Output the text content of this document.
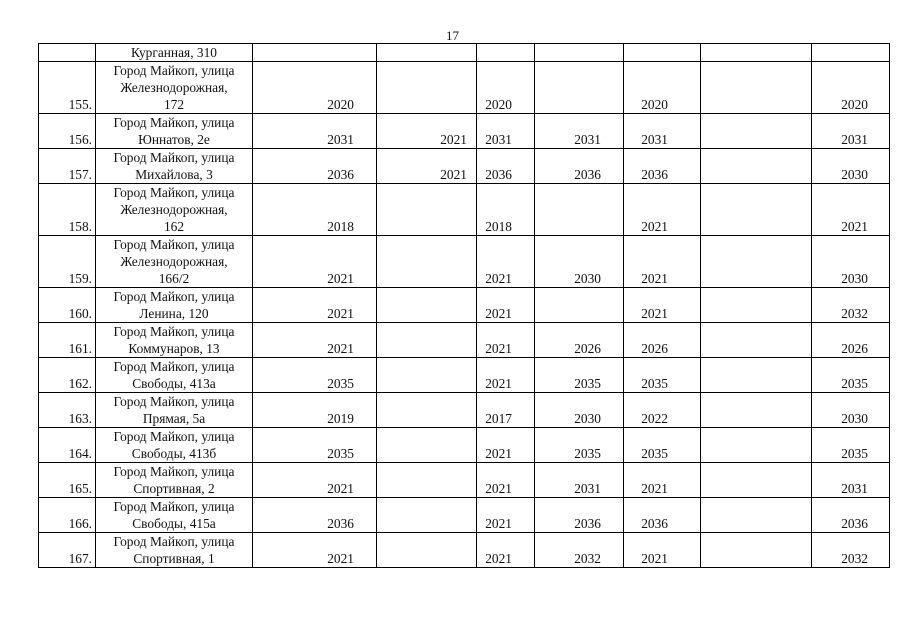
17
	Курганная, 310							
155.	Город Майкоп, улица
Железнодорожная,
172	2020		2020		2020		2020
156.	Город Майкоп, улица
Юннатов, 2е	2031	2021	2031	2031	2031		2031
157.	Город Майкоп, улица
Михайлова, 3	2036	2021	2036	2036	2036		2030
158.	Город Майкоп, улица
Железнодорожная,
162	2018		2018		2021		2021
159.	Город Майкоп, улица
Железнодорожная,
166/2	2021		2021	2030	2021		2030
160.	Город Майкоп, улица
Ленина, 120	2021		2021		2021		2032
161.	Город Майкоп, улица
Коммунаров, 13	2021		2021	2026	2026		2026
162.	Город Майкоп, улица
Свободы, 413а	2035		2021	2035	2035		2035
163.	Город Майкоп, улица
Прямая, 5а	2019		2017	2030	2022		2030
164.	Город Майкоп, улица
Свободы, 413б	2035		2021	2035	2035		2035
165.	Город Майкоп, улица
Спортивная, 2	2021		2021	2031	2021		2031
166.	Город Майкоп, улица
Свободы, 415а	2036		2021	2036	2036		2036
167.	Город Майкоп, улица
Спортивная, 1	2021		2021	2032	2021		2032
